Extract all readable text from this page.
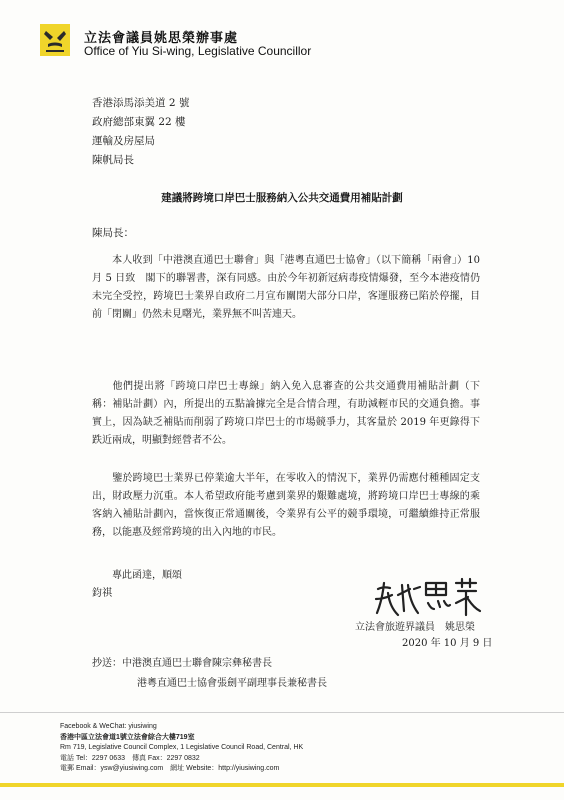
立法會議員姚思榮辦事處
Office of Yiu Si-wing, Legislative Councillor
香港添馬添美道 2 號
政府總部東翼 22 樓
運輸及房屋局
陳帆局長
建議將跨境口岸巴士服務納入公共交通費用補貼計劃
陳局長：
本人收到「中港澳直通巴士聯會」與「港粵直通巴士協會」（以下簡稱「兩會」）10 月 5 日致　閣下的聯署書，深有同感。由於今年初新冠病毒疫情爆發，至今本港疫情仍未完全受控，跨境巴士業界自政府二月宣布關閉大部分口岸，客運服務已陷於停擺，目前「閉關」仍然未見曙光，業界無不叫苦連天。
他們提出將「跨境口岸巴士專線」納入免入息審查的公共交通費用補貼計劃（下稱：補貼計劃）內，所提出的五點論據完全是合情合理，有助減輕市民的交通負擔。事實上，因為缺乏補貼而削弱了跨境口岸巴士的市場競爭力，其客量於 2019 年更錄得下跌近兩成，明顯對經營者不公。
鑒於跨境巴士業界已停業逾大半年，在零收入的情況下，業界仍需應付種種固定支出，財政壓力沉重。本人希望政府能考慮到業界的艱難處境，將跨境口岸巴士專線的乘客納入補貼計劃內，當恢復正常通關後，令業界有公平的競爭環境，可繼續維持正常服務，以能惠及經常跨境的出入內地的市民。
專此函達，順頌
鈞祺
立法會旅遊界議員　姚思榮
2020 年 10 月 9 日
抄送：中港澳直通巴士聯會陳宗彝秘書長
港粵直通巴士協會張劍平副理事長兼秘書長
Facebook & WeChat: yiusiwing
香港中區立法會道1號立法會綜合大樓719室
Rm 719, Legislative Council Complex, 1 Legislative Council Road, Central, HK
電話 Tel：2297 0633　傳真 Fax：2297 0832
電郵 Email：ysw@yiusiwing.com　網址 Website：http://yiusiwing.com
